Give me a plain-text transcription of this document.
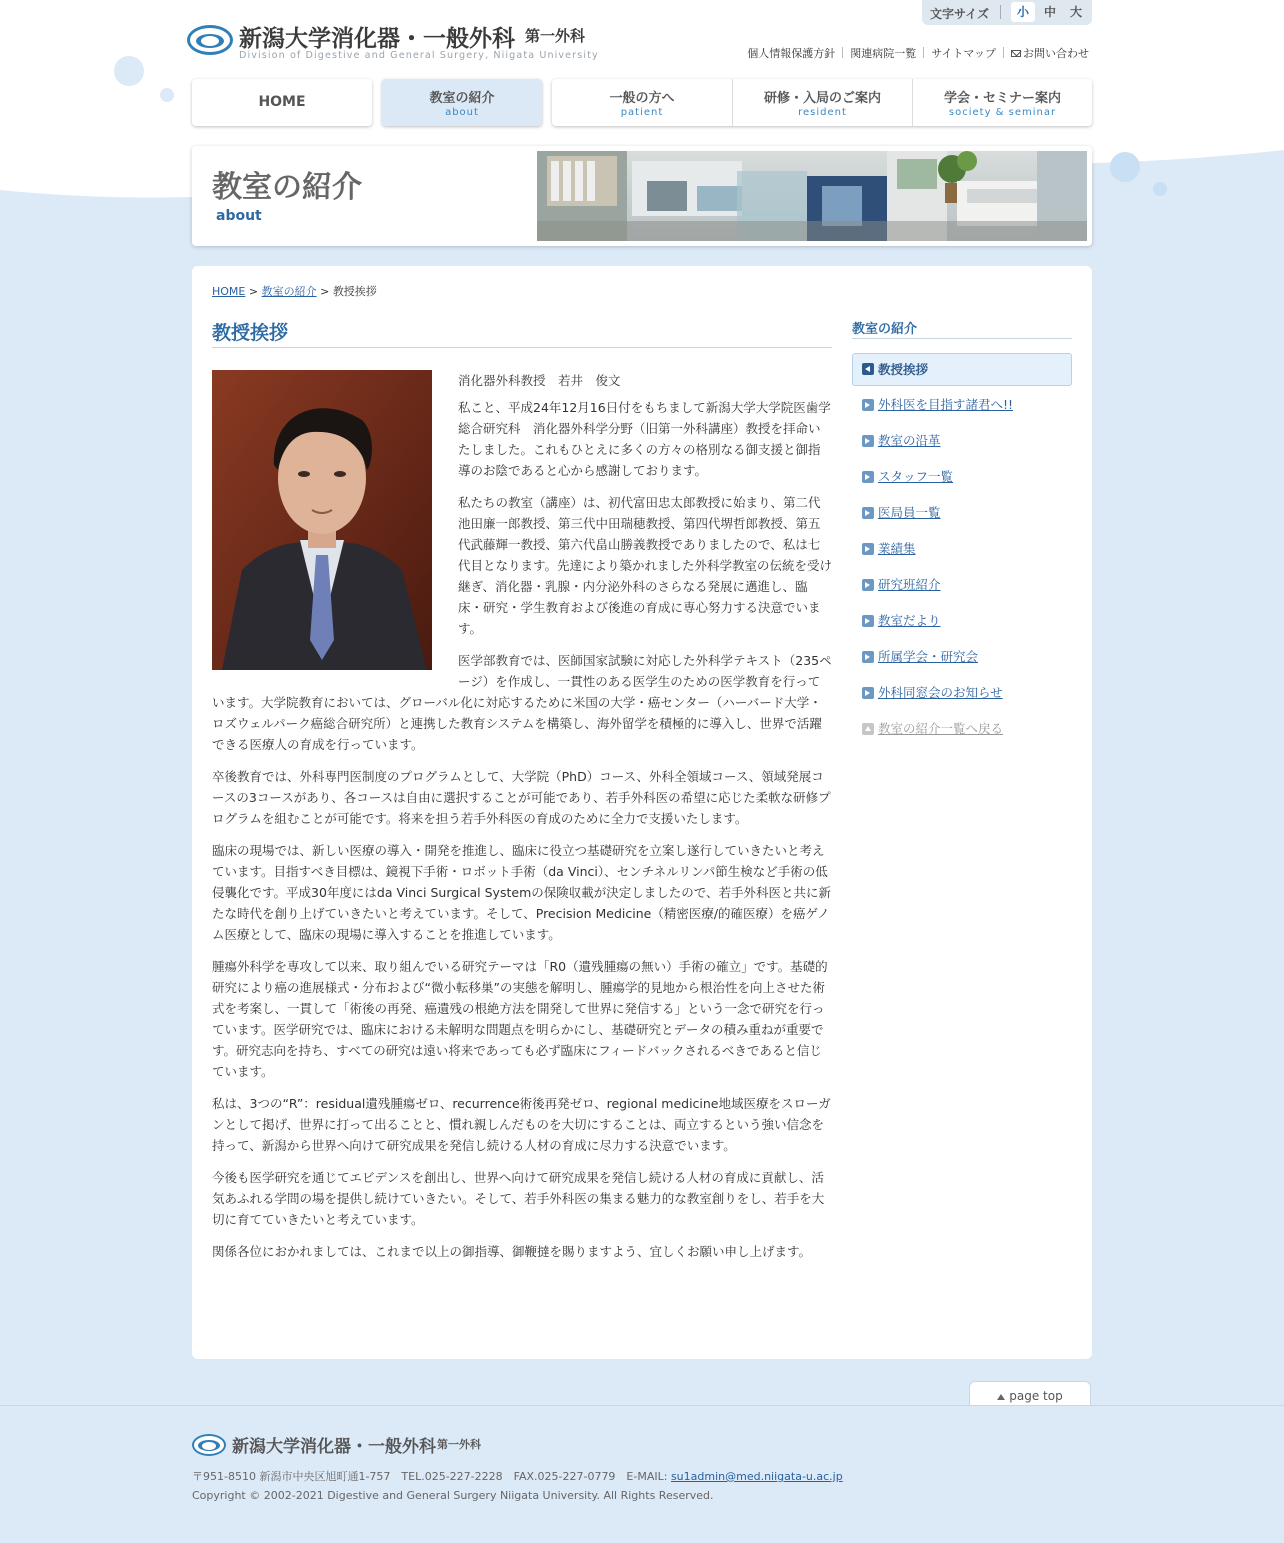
新潟大学消化器・一般外科 第一外科
Division of Digestive and General Surgery, Niigata University
文字サイズ	小	中	大
個人情報保護方針 関連病院一覧 サイトマップ お問い合わせ
HOME	教室の紹介
about
一般の方へ
patient
研修・入局のご案内
resident
学会・セミナー案内
society & seminar
教室の紹介
about
HOME > 教室の紹介 > 教授挨拶
教授挨拶

消化器外科教授　若井　俊文

私こと、平成24年12月16日付をもちまして新潟大学大学院医歯学総合研究科　消化器外科学分野（旧第一外科講座）教授を拝命いたしました。これもひとえに多くの方々の格別なる御支援と御指導のお陰であると心から感謝しております。

私たちの教室（講座）は、初代富田忠太郎教授に始まり、第二代池田廉一郎教授、第三代中田瑞穂教授、第四代堺哲郎教授、第五代武藤輝一教授、第六代畠山勝義教授でありましたので、私は七代目となります。先達により築かれました外科学教室の伝統を受け継ぎ、消化器・乳腺・内分泌外科のさらなる発展に邁進し、臨床・研究・学生教育および後進の育成に専心努力する決意でいます。

医学部教育では、医師国家試験に対応した外科学テキスト（235ページ）を作成し、一貫性のある医学生のための医学教育を行っています。大学院教育においては、グローバル化に対応するために米国の大学・癌センター（ハーバード大学・ロズウェルパーク癌総合研究所）と連携した教育システムを構築し、海外留学を積極的に導入し、世界で活躍できる医療人の育成を行っています。

卒後教育では、外科専門医制度のプログラムとして、大学院（PhD）コース、外科全領域コース、領域発展コースの3コースがあり、各コースは自由に選択することが可能であり、若手外科医の希望に応じた柔軟な研修プログラムを組むことが可能です。将来を担う若手外科医の育成のために全力で支援いたします。

臨床の現場では、新しい医療の導入・開発を推進し、臨床に役立つ基礎研究を立案し遂行していきたいと考えています。目指すべき目標は、鏡視下手術・ロボット手術（da Vinci）、センチネルリンパ節生検など手術の低侵襲化です。平成30年度にはda Vinci Surgical Systemの保険収載が決定しましたので、若手外科医と共に新たな時代を創り上げていきたいと考えています。そして、Precision Medicine（精密医療/的確医療）を癌ゲノム医療として、臨床の現場に導入することを推進しています。

腫瘍外科学を専攻して以来、取り組んでいる研究テーマは「R0（遺残腫瘍の無い）手術の確立」です。基礎的研究により癌の進展様式・分布および“微小転移巣”の実態を解明し、腫瘍学的見地から根治性を向上させた術式を考案し、一貫して「術後の再発、癌遺残の根絶方法を開発して世界に発信する」という一念で研究を行っています。医学研究では、臨床における未解明な問題点を明らかにし、基礎研究とデータの積み重ねが重要です。研究志向を持ち、すべての研究は遠い将来であっても必ず臨床にフィードバックされるべきであると信じています。

私は、3つの“R”：residual遺残腫瘍ゼロ、recurrence術後再発ゼロ、regional medicine地域医療をスローガンとして掲げ、世界に打って出ることと、慣れ親しんだものを大切にすることは、両立するという強い信念を持って、新潟から世界へ向けて研究成果を発信し続ける人材の育成に尽力する決意でいます。

今後も医学研究を通じてエビデンスを創出し、世界へ向けて研究成果を発信し続ける人材の育成に貢献し、活気あふれる学問の場を提供し続けていきたい。そして、若手外科医の集まる魅力的な教室創りをし、若手を大切に育てていきたいと考えています。

関係各位におかれましては、これまで以上の御指導、御鞭撻を賜りますよう、宜しくお願い申し上げます。

教室の紹介
教授挨拶
外科医を目指す諸君へ!!
教室の沿革
スタッフ一覧
医局員一覧
業績集
研究班紹介
教室だより
所属学会・研究会
外科同窓会のお知らせ
教室の紹介一覧へ戻る
page top
新潟大学消化器・一般外科 第一外科
〒951-8510 新潟市中央区旭町通1-757　TEL.025-227-2228　FAX.025-227-0779　E-MAIL: su1admin@med.niigata-u.ac.jp
Copyright © 2002-2021 Digestive and General Surgery Niigata University. All Rights Reserved.
